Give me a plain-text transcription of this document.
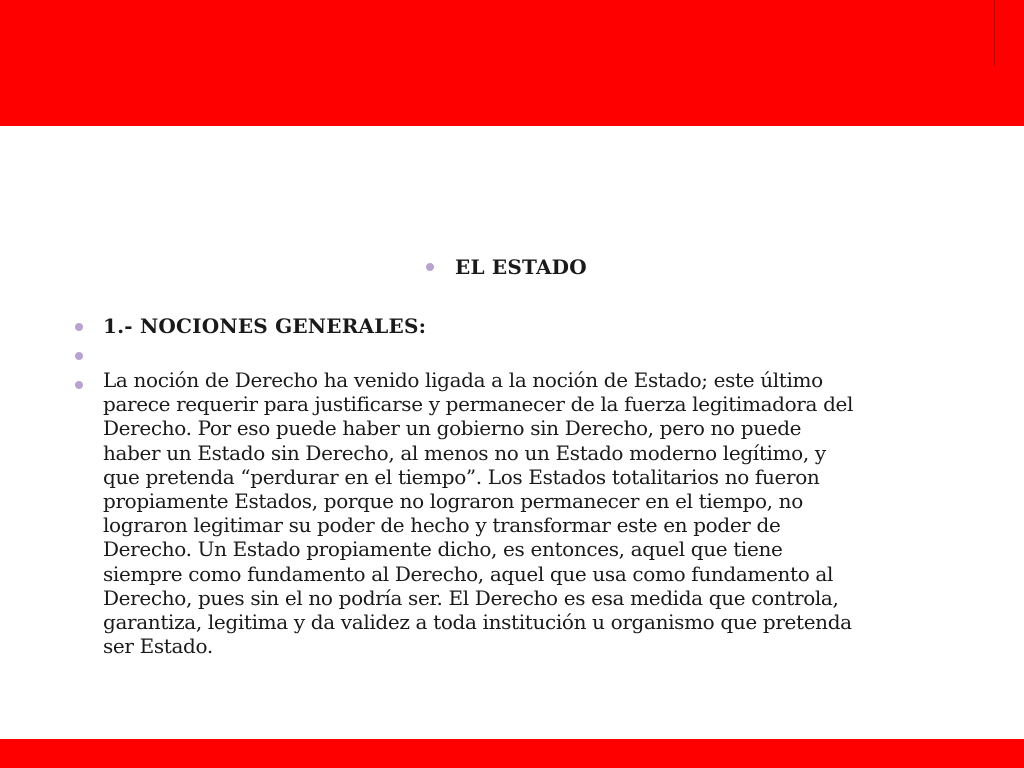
EL ESTADO
1.- NOCIONES GENERALES:
La noción de Derecho ha venido ligada a la noción de Estado; este último
parece requerir para justificarse y permanecer de la fuerza legitimadora del
Derecho. Por eso puede haber un gobierno sin Derecho, pero no puede
haber un Estado sin Derecho, al menos no un Estado moderno legítimo, y
que pretenda “perdurar en el tiempo”. Los Estados totalitarios no fueron
propiamente Estados, porque no lograron permanecer en el tiempo, no
lograron legitimar su poder de hecho y transformar este en poder de
Derecho. Un Estado propiamente dicho, es entonces, aquel que tiene
siempre como fundamento al Derecho, aquel que usa como fundamento al
Derecho, pues sin el no podría ser. El Derecho es esa medida que controla,
garantiza, legitima y da validez a toda institución u organismo que pretenda
ser Estado.
